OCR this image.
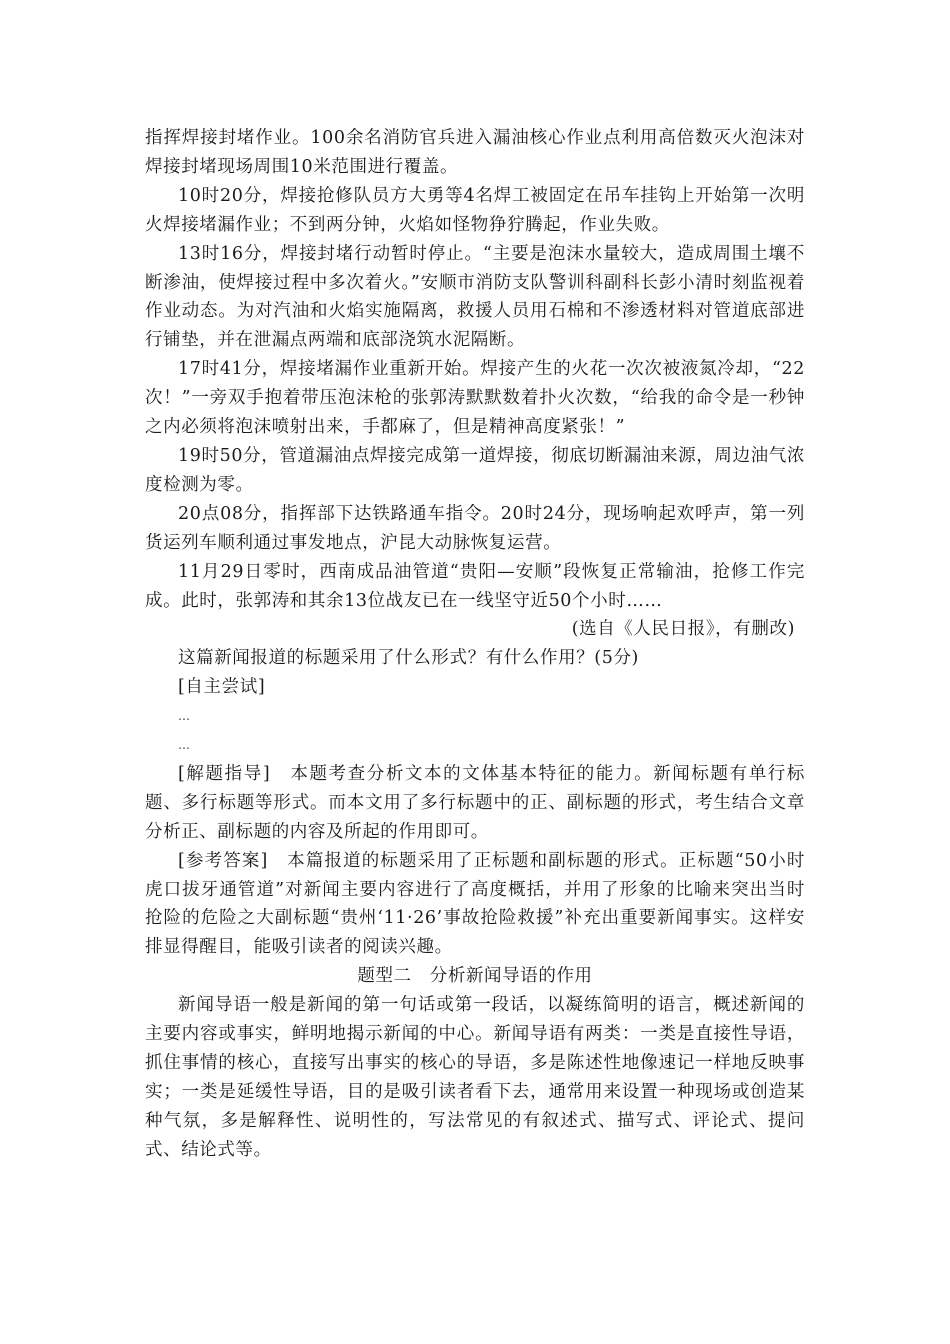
指挥焊接封堵作业。100余名消防官兵进入漏油核心作业点利用高倍数灭火泡沫对焊接封堵现场周围10米范围进行覆盖。

10时20分，焊接抢修队员方大勇等4名焊工被固定在吊车挂钩上开始第一次明火焊接堵漏作业；不到两分钟，火焰如怪物狰狞腾起，作业失败。

13时16分，焊接封堵行动暂时停止。“主要是泡沫水量较大，造成周围土壤不断渗油，使焊接过程中多次着火。”安顺市消防支队警训科副科长彭小清时刻监视着作业动态。为对汽油和火焰实施隔离，救援人员用石棉和不渗透材料对管道底部进行铺垫，并在泄漏点两端和底部浇筑水泥隔断。

17时41分，焊接堵漏作业重新开始。焊接产生的火花一次次被液氮冷却，“22次！”一旁双手抱着带压泡沫枪的张郭涛默默数着扑火次数，“给我的命令是一秒钟之内必须将泡沫喷射出来，手都麻了，但是精神高度紧张！”

19时50分，管道漏油点焊接完成第一道焊接，彻底切断漏油来源，周边油气浓度检测为零。

20点08分，指挥部下达铁路通车指令。20时24分，现场响起欢呼声，第一列货运列车顺利通过事发地点，沪昆大动脉恢复运营。

11月29日零时，西南成品油管道“贵阳—安顺”段恢复正常输油，抢修工作完成。此时，张郭涛和其余13位战友已在一线坚守近50个小时……

(选自《人民日报》，有删改)

这篇新闻报道的标题采用了什么形式？有什么作用？(5分)

[自主尝试]

…
…

[解题指导]　本题考查分析文本的文体基本特征的能力。新闻标题有单行标题、多行标题等形式。而本文用了多行标题中的正、副标题的形式，考生结合文章分析正、副标题的内容及所起的作用即可。

[参考答案]　本篇报道的标题采用了正标题和副标题的形式。正标题“50小时虎口拔牙通管道”对新闻主要内容进行了高度概括，并用了形象的比喻来突出当时抢险的危险之大副标题“贵州‘11·26’事故抢险救援”补充出重要新闻事实。这样安排显得醒目，能吸引读者的阅读兴趣。

题型二　分析新闻导语的作用

新闻导语一般是新闻的第一句话或第一段话，以凝练简明的语言，概述新闻的主要内容或事实，鲜明地揭示新闻的中心。新闻导语有两类：一类是直接性导语，抓住事情的核心，直接写出事实的核心的导语，多是陈述性地像速记一样地反映事实；一类是延缓性导语，目的是吸引读者看下去，通常用来设置一种现场或创造某种气氛，多是解释性、说明性的，写法常见的有叙述式、描写式、评论式、提问式、结论式等。
